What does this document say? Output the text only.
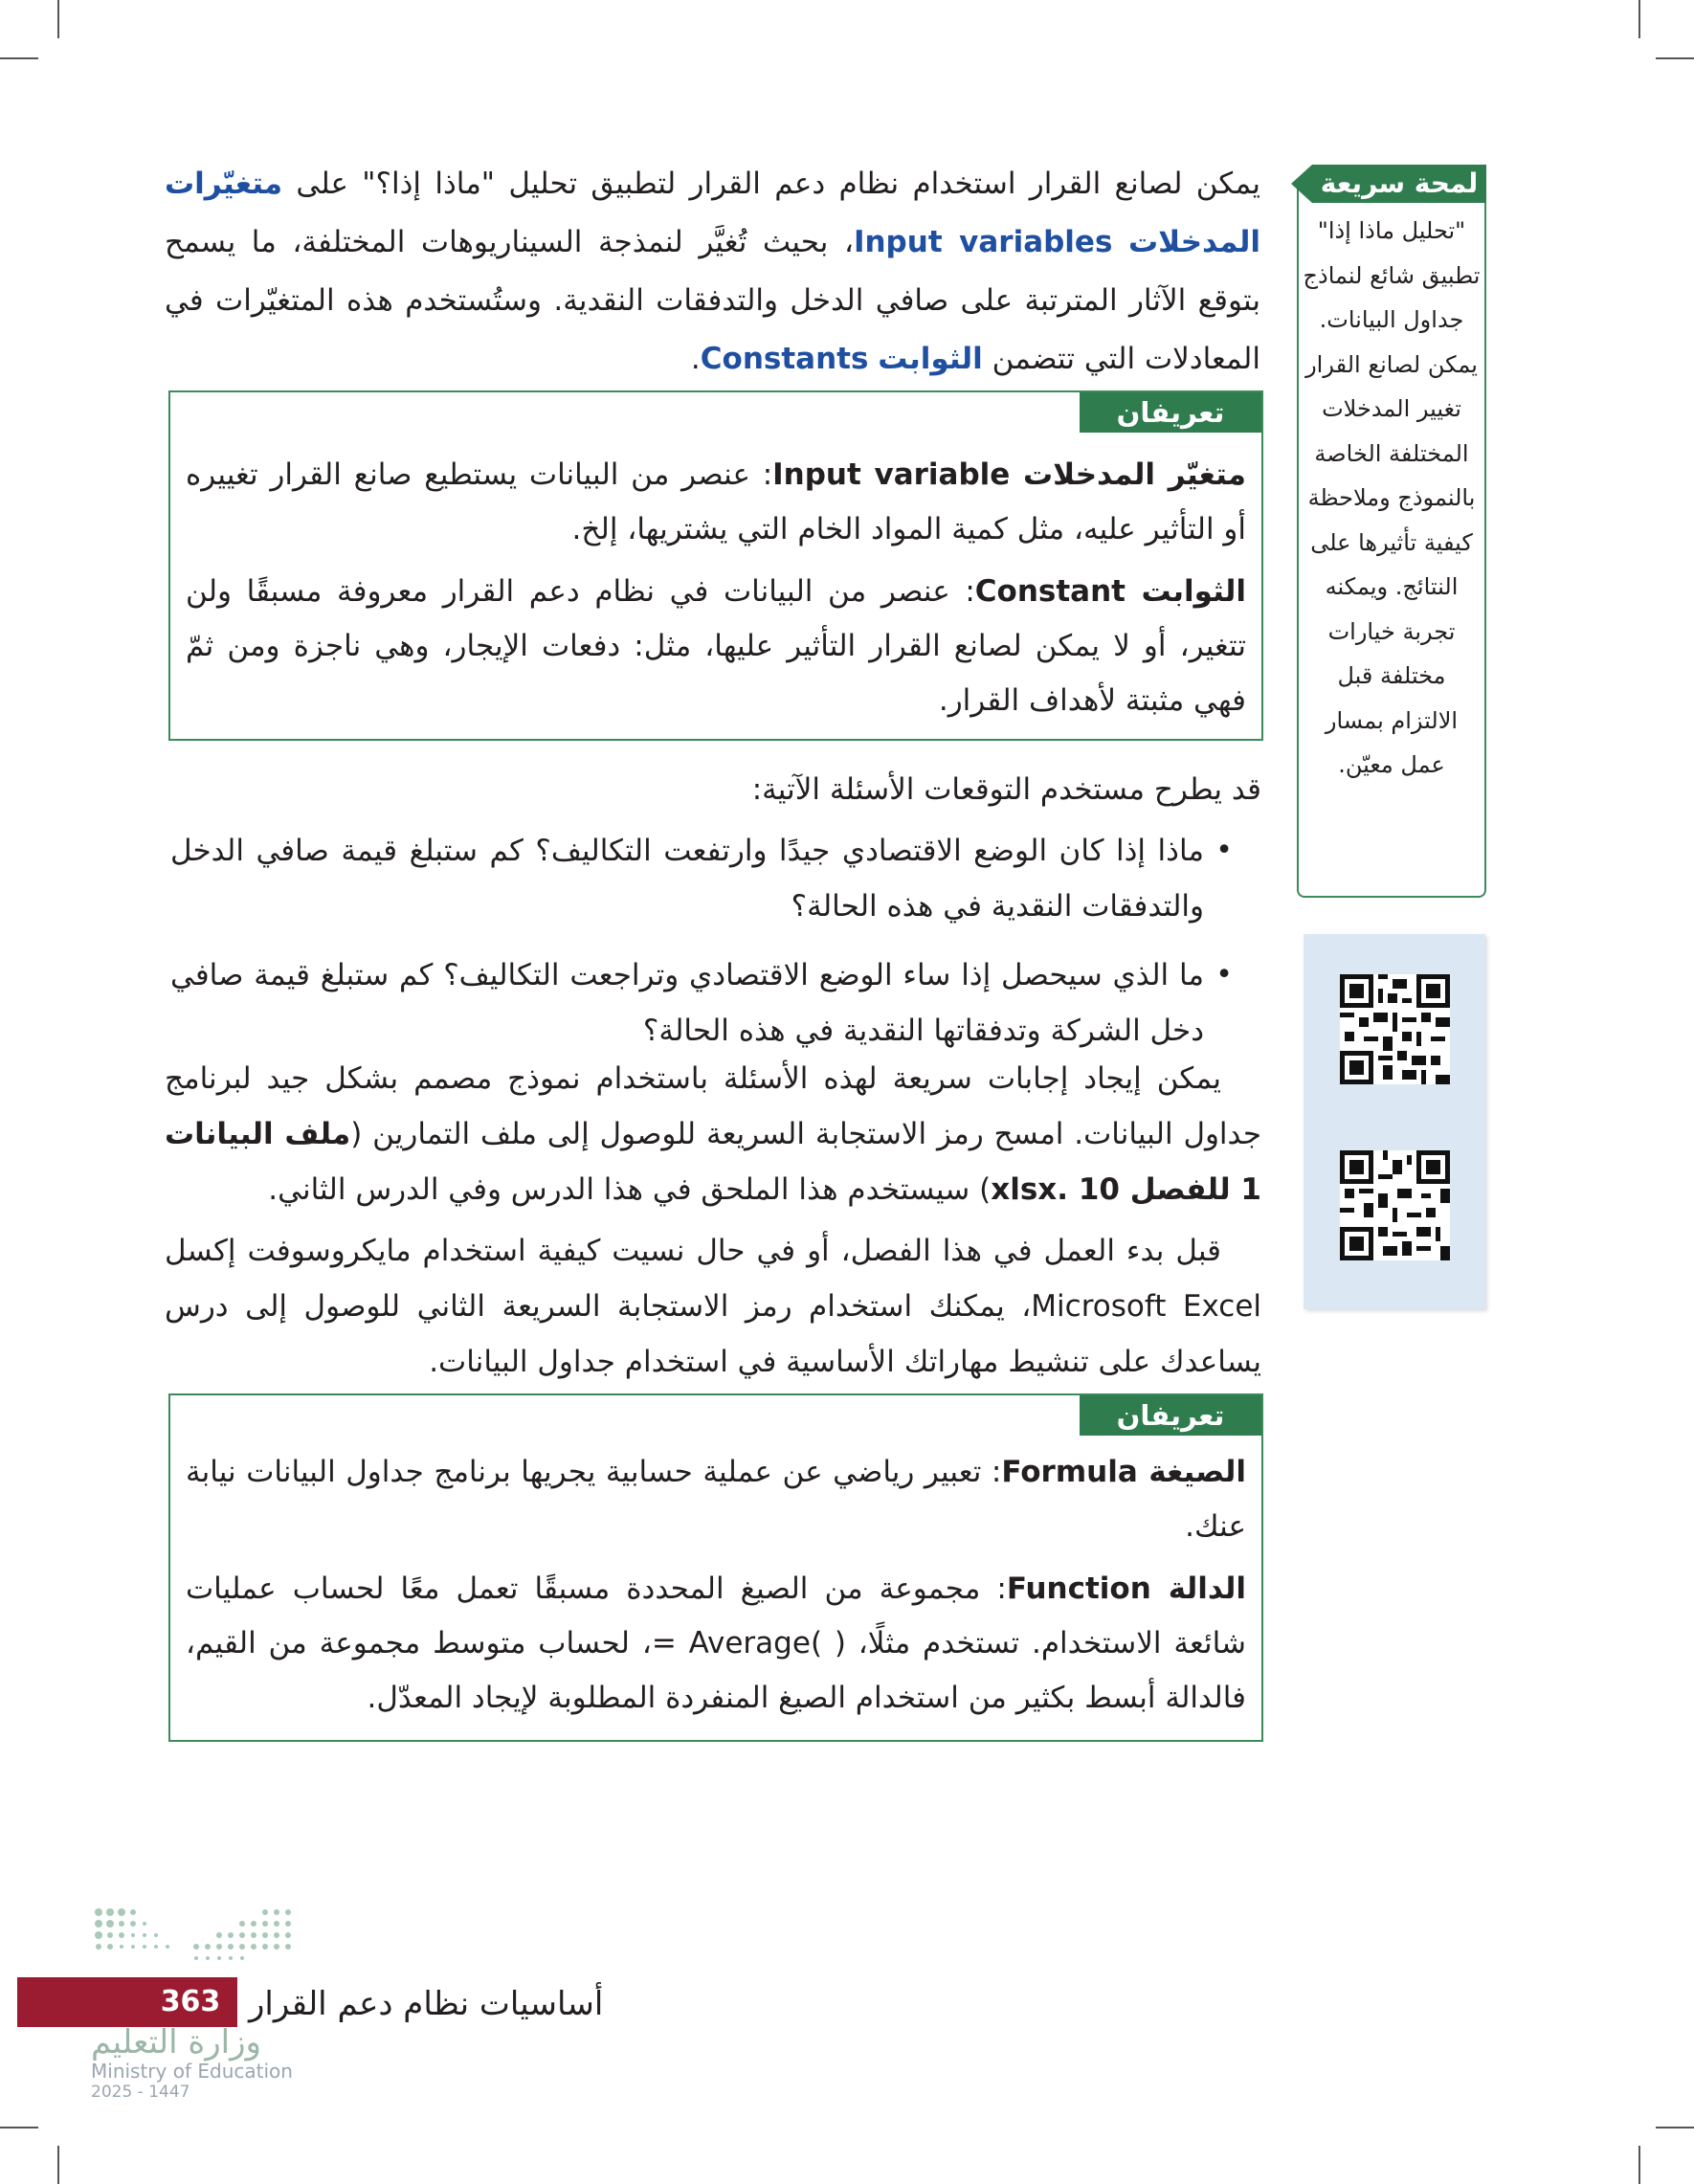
يمكن لصانع القرار استخدام نظام دعم القرار لتطبيق تحليل "ماذا إذا؟" على متغيّرات المدخلات Input variables، بحيث تُغيَّر لنمذجة السيناريوهات المختلفة، ما يسمح بتوقع الآثار المترتبة على صافي الدخل والتدفقات النقدية. وستُستخدم هذه المتغيّرات في المعادلات التي تتضمن الثوابت Constants.
تعريفان

متغيّر المدخلات Input variable: عنصر من البيانات يستطيع صانع القرار تغييره أو التأثير عليه، مثل كمية المواد الخام التي يشتريها، إلخ.

الثوابت Constant: عنصر من البيانات في نظام دعم القرار معروفة مسبقًا ولن تتغير، أو لا يمكن لصانع القرار التأثير عليها، مثل: دفعات الإيجار، وهي ناجزة ومن ثمّ فهي مثبتة لأهداف القرار.

قد يطرح مستخدم التوقعات الأسئلة الآتية:

• ماذا إذا كان الوضع الاقتصادي جيدًا وارتفعت التكاليف؟ كم ستبلغ قيمة صافي الدخل والتدفقات النقدية في هذه الحالة؟
• ما الذي سيحصل إذا ساء الوضع الاقتصادي وتراجعت التكاليف؟ كم ستبلغ قيمة صافي دخل الشركة وتدفقاتها النقدية في هذه الحالة؟

يمكن إيجاد إجابات سريعة لهذه الأسئلة باستخدام نموذج مصمم بشكل جيد لبرنامج جداول البيانات. امسح رمز الاستجابة السريعة للوصول إلى ملف التمارين (ملف البيانات 1 للفصل 10 .xlsx) سيستخدم هذا الملحق في هذا الدرس وفي الدرس الثاني.

قبل بدء العمل في هذا الفصل، أو في حال نسيت كيفية استخدام مايكروسوفت إكسل Microsoft Excel، يمكنك استخدام رمز الاستجابة السريعة الثاني للوصول إلى درس يساعدك على تنشيط مهاراتك الأساسية في استخدام جداول البيانات.

تعريفان

الصيغة Formula: تعبير رياضي عن عملية حسابية يجريها برنامج جداول البيانات نيابة عنك.

الدالة Function: مجموعة من الصيغ المحددة مسبقًا تعمل معًا لحساب عمليات شائعة الاستخدام. تستخدم مثلًا، ( )Average =، لحساب متوسط مجموعة من القيم، فالدالة أبسط بكثير من استخدام الصيغ المنفردة المطلوبة لإيجاد المعدّل.

لمحة سريعة
"تحليل ماذا إذا" تطبيق شائع لنماذج جداول البيانات. يمكن لصانع القرار تغيير المدخلات المختلفة الخاصة بالنموذج وملاحظة كيفية تأثيرها على النتائج. ويمكنه تجربة خيارات مختلفة قبل الالتزام بمسار عمل معيّن.
363 أساسيات نظام دعم القرار
وزارة التعليم
Ministry of Education
2025 - 1447
